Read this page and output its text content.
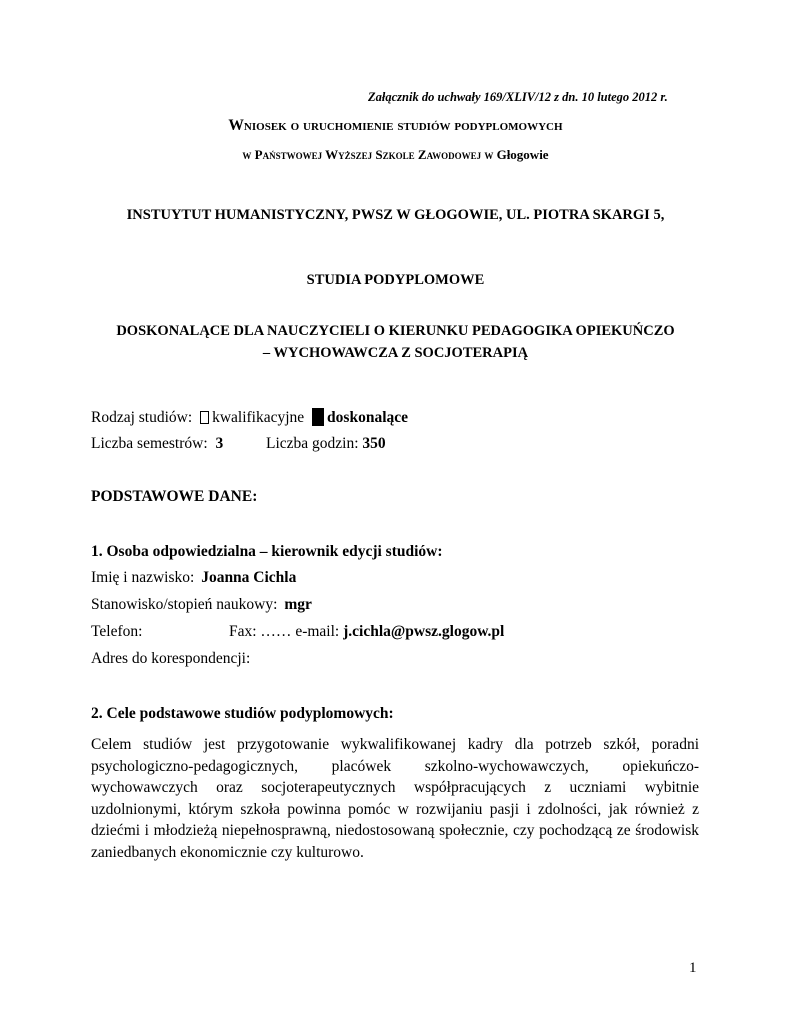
Załącznik do uchwały 169/XLIV/12 z dn. 10 lutego 2012 r.
Wniosek o uruchomienie studiów podyplomowych
w Państwowej Wyższej Szkole Zawodowej w Głogowie
INSTUYTUT HUMANISTYCZNY, PWSZ W GŁOGOWIE, UL. PIOTRA SKARGI 5,
STUDIA PODYPLOMOWE
DOSKONALĄCE DLA NAUCZYCIELI O KIERUNKU PEDAGOGIKA OPIEKUŃCZO
– WYCHOWAWCZA Z SOCJOTERAPIĄ
Rodzaj studiów: kwalifikacyjne doskonalące
Liczba semestrów: 3	Liczba godzin: 350
PODSTAWOWE DANE:
1. Osoba odpowiedzialna – kierownik edycji studiów:
Imię i nazwisko: Joanna Cichla
Stanowisko/stopień naukowy: mgr
Telefon:	Fax: …… e-mail: j.cichla@pwsz.glogow.pl
Adres do korespondencji:
2. Cele podstawowe studiów podyplomowych:
Celem studiów jest przygotowanie wykwalifikowanej kadry dla potrzeb szkół, poradni psychologiczno-pedagogicznych, placówek szkolno-wychowawczych, opiekuńczo-wychowawczych oraz socjoterapeutycznych współpracujących z uczniami wybitnie uzdolnionymi, którym szkoła powinna pomóc w rozwijaniu pasji i zdolności, jak również z dziećmi i młodzieżą niepełnosprawną, niedostosowaną społecznie, czy pochodzącą ze środowisk zaniedbanych ekonomicznie czy kulturowo.
1
